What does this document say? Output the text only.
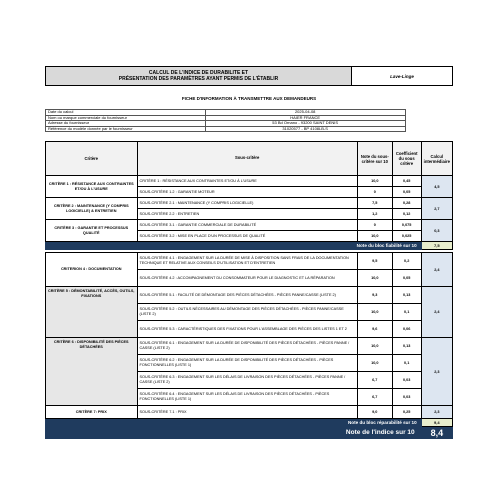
CALCUL DE L'INDICE DE DURABILITE ET
PRÉSENTATION DES PARAMÈTRES AYANT PERMIS DE L'ÉTABLIR	Lave-Linge
FICHE D'INFORMATION À TRANSMETTRE AUX DEMANDEURS
Date du calcul	2025-04-08	
Nom ou marque commerciale du fournisseur	HAIER FRANCE	
Adresse du fournisseur	53 Bd Ornano - 93200 SAINT DENIS	
Référence du modèle donnée par le fournisseur	31020577 - BP 4108LB-S	
Critère	Sous-critère	Note du sous-critère sur 10	Coefficient du sous critère	Calcul intermédiaire
CRITÈRE 1 : RÉSISTANCE AUX CONTRAINTES ET/OU À L'USURE	CRITÈRE 1 : RÉSISTANCE AUX CONTRAINTES ET/OU À L'USURE	10,0	0,45	4,5
	SOUS-CRITÈRE 1.2 : GARANTIE MOTEUR	0	0,05	
CRITÈRE 2 : MAINTENANCE (Y COMPRIS LOGICIELLE) & ENTRETIEN	SOUS-CRITÈRE 2.1 : MAINTENANCE (Y COMPRIS LOGICIELLE)	7,5	0,28	2,7
	SOUS-CRITÈRE 2.2 : ENTRETIEN	1,2	0,12	
CRITÈRE 3 : GARANTIE ET PROCESSUS QUALITÉ	SOUS-CRITÈRE 3.1 : GARANTIE COMMERCIALE DE DURABILITÉ	0	0,075	0,3
	SOUS-CRITÈRE 3.2 : MISE EN PLACE D'UN PROCESSUS DE QUALITÉ	10,0	0,025	
Note du bloc fiabilité sur 10				7,5

CRITERION 4 : DOCUMENTATION	SOUS-CRITÈRE 4.1 : ENGAGEMENT SUR LA DURÉE DE MISE À DISPOSITION SANS FRAIS DE LA DOCUMENTATION TECHNIQUE ET RELATIVE AUX CONSEILS D'UTILISATION ET D'ENTRETIEN	9,5	0,2	2,4
	SOUS-CRITÈRE 4.2 : ACCOMPAGNEMENT DU CONSOMMATEUR POUR LE DIAGNOSTIC ET LA RÉPARATION	10,0	0,05	
CRITÈRE 5 : DÉMONTABILITÉ, ACCÈS, OUTILS, FIXATIONS	SOUS-CRITÈRE 5.1 : FACILITÉ DE DÉMONTAGE DES PIÈCES DÉTACHÉES - PIÈCES PANNE/CASSE (LISTE 2)	9,3	0,13	2,4
	SOUS-CRITÈRE 5.2 : OUTILS NÉCESSAIRES AU DÉMONTAGE DES PIÈCES DÉTACHÉES - PIÈCES PANNE/CASSE (LISTE 2)	10,0	0,1	
	SOUS-CRITÈRE 5.3 : CARACTÉRISTIQUES DES FIXATIONS POUR L'ASSEMBLAGE DES PIÈCES DES LISTES 1 ET 2	9,6	0,06	
CRITÈRE 6 : DISPONIBILITÉ DES PIÈCES DÉTACHÉES	SOUS-CRITÈRE 6.1 : ENGAGEMENT SUR LA DURÉE DE DISPONIBILITÉ DES PIÈCES DÉTACHÉES - PIÈCES PANNE / CASSE (LISTE 2)	10,0	0,13	2,3
	SOUS-CRITÈRE 6.2 : ENGAGEMENT SUR LA DURÉE DE DISPONIBILITÉ DES PIÈCES DÉTACHÉES - PIÈCES FONCTIONNELLES (LISTE 1)	10,0	0,1	
	SOUS-CRITÈRE 6.3 : ENGAGEMENT SUR LES DÉLAIS DE LIVRAISON DES PIÈCES DÉTACHÉES - PIÈCES PANNE / CASSE (LISTE 2)	6,7	0,03	
	SOUS-CRITÈRE 6.4 : ENGAGEMENT SUR LES DÉLAIS DE LIVRAISON DES PIÈCES DÉTACHÉES - PIÈCES FONCTIONNELLES (LISTE 1)	6,7	0,03	
CRITÈRE 7: PRIX	SOUS-CRITÈRE 7.1 : PRIX	9,0	0,25	2,3
Note du bloc réparabilité sur 10				9,4
Note de l'indice sur 10				8,4
